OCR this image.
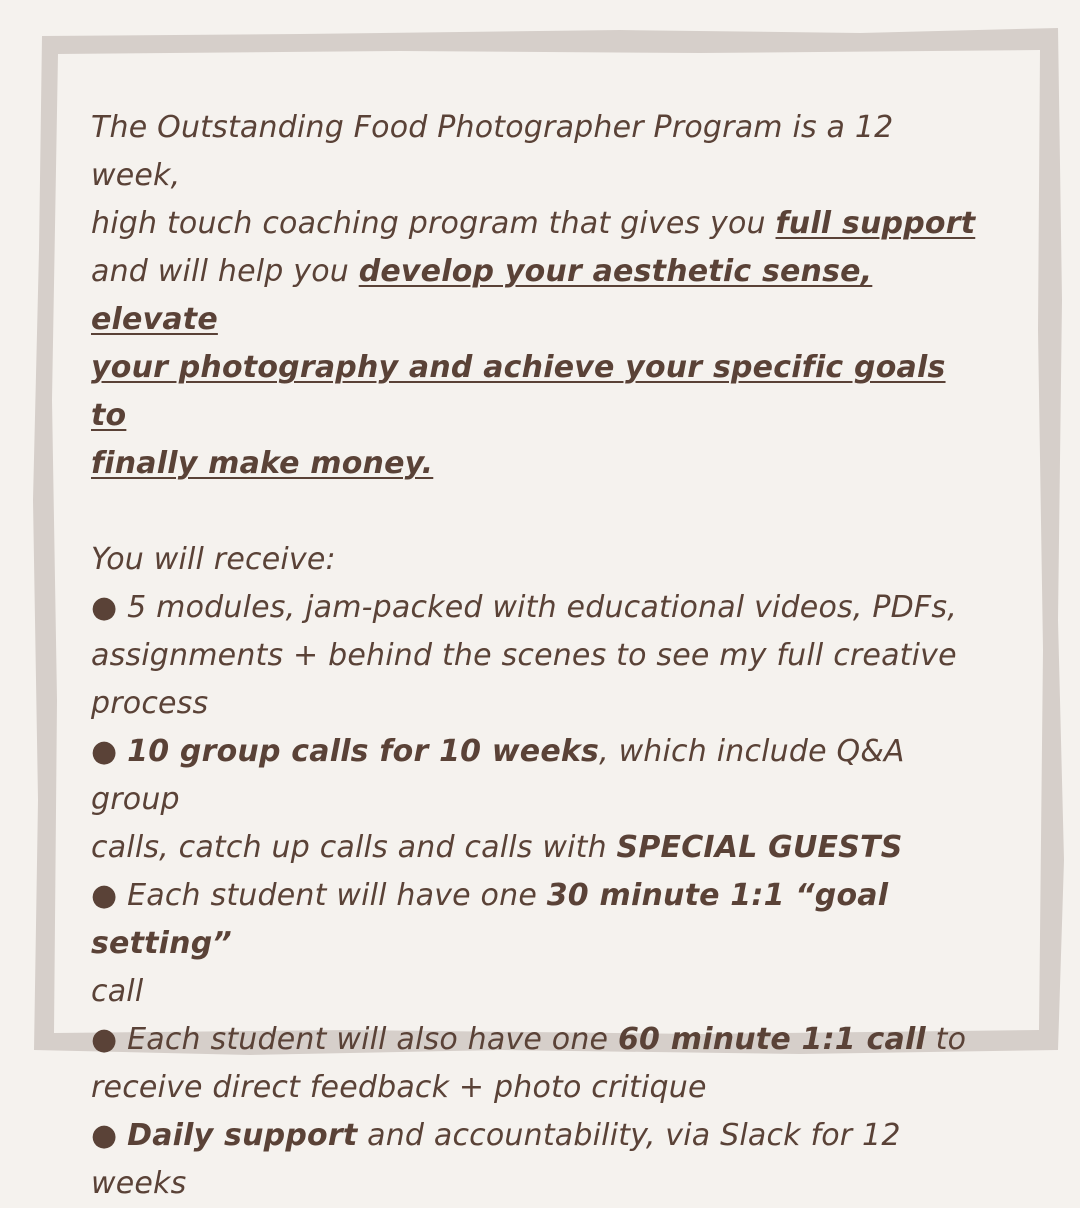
The Outstanding Food Photographer Program is a 12 week,

high touch coaching program that gives you full support

and will help you develop your aesthetic sense, elevate

your photography and achieve your specific goals to

finally make money.

You will receive:

● 5 modules, jam-packed with educational videos, PDFs,

assignments + behind the scenes to see my full creative

process

● 10 group calls for 10 weeks, which include Q&A group

calls, catch up calls and calls with SPECIAL GUESTS

● Each student will have one 30 minute 1:1 “goal setting”

call

● Each student will also have one 60 minute 1:1 call to

receive direct feedback + photo critique

● Daily support and accountability, via Slack for 12 weeks
